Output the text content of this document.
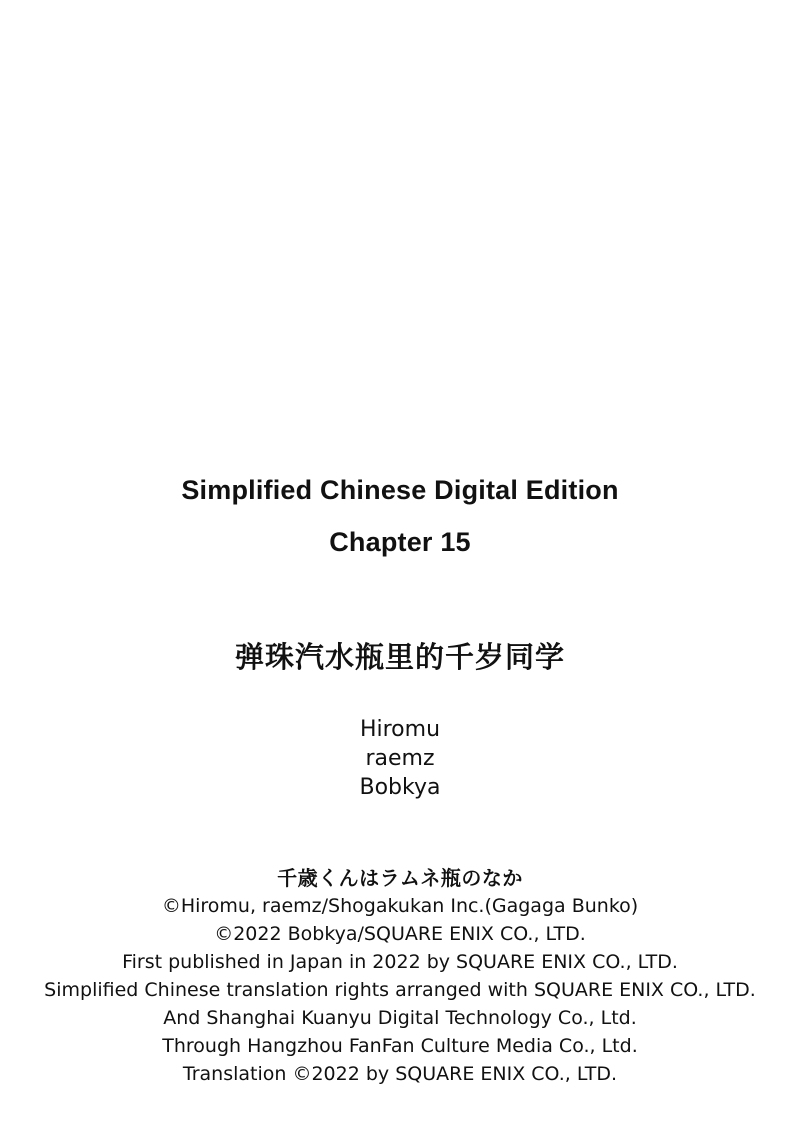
Simplified Chinese Digital Edition
Chapter 15
弹珠汽水瓶里的千岁同学
Hiromu
raemz
Bobkya
千歳くんはラムネ瓶のなか
©Hiromu, raemz/Shogakukan Inc.(Gagaga Bunko)
©2022 Bobkya/SQUARE ENIX CO., LTD.
First published in Japan in 2022 by SQUARE ENIX CO., LTD.
Simplified Chinese translation rights arranged with SQUARE ENIX CO., LTD.
And Shanghai Kuanyu Digital Technology Co., Ltd.
Through Hangzhou FanFan Culture Media Co., Ltd.
Translation ©2022 by SQUARE ENIX CO., LTD.
